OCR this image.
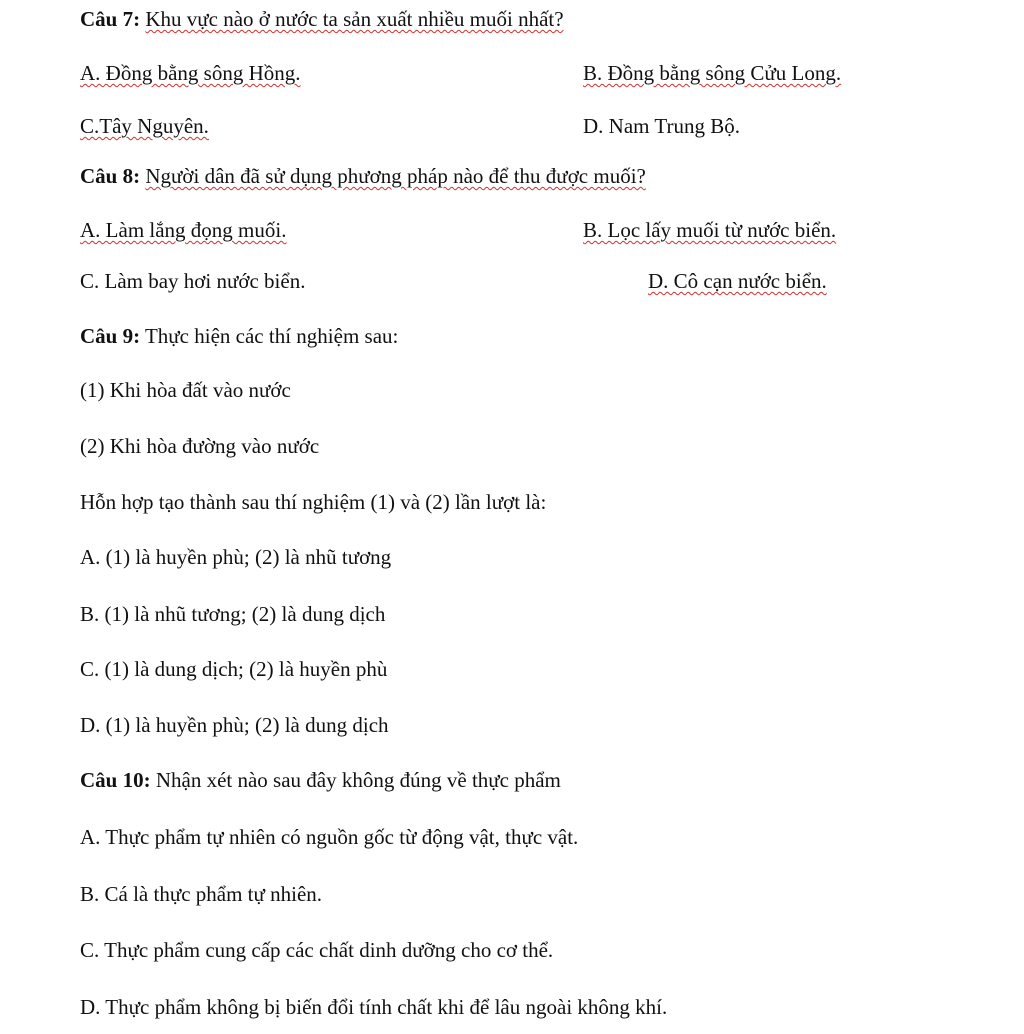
Câu 7: Khu vực nào ở nước ta sản xuất nhiều muối nhất?
A. Đồng bằng sông Hồng.	B. Đồng bằng sông Cửu Long.
C.Tây Nguyên.	D. Nam Trung Bộ.
Câu 8: Người dân đã sử dụng phương pháp nào để thu được muối?
A. Làm lắng đọng muối.	B. Lọc lấy muối từ nước biển.
C. Làm bay hơi nước biển.	D. Cô cạn nước biển.
Câu 9: Thực hiện các thí nghiệm sau:
(1) Khi hòa đất vào nước
(2) Khi hòa đường vào nước
Hỗn hợp tạo thành sau thí nghiệm (1) và (2) lần lượt là:
A. (1) là huyền phù; (2) là nhũ tương
B. (1) là nhũ tương; (2) là dung dịch
C. (1) là dung dịch; (2) là huyền phù
D. (1) là huyền phù; (2) là dung dịch
Câu 10: Nhận xét nào sau đây không đúng về thực phẩm
A. Thực phẩm tự nhiên có nguồn gốc từ động vật, thực vật.
B. Cá là thực phẩm tự nhiên.
C. Thực phẩm cung cấp các chất dinh dưỡng cho cơ thể.
D. Thực phẩm không bị biến đổi tính chất khi để lâu ngoài không khí.
